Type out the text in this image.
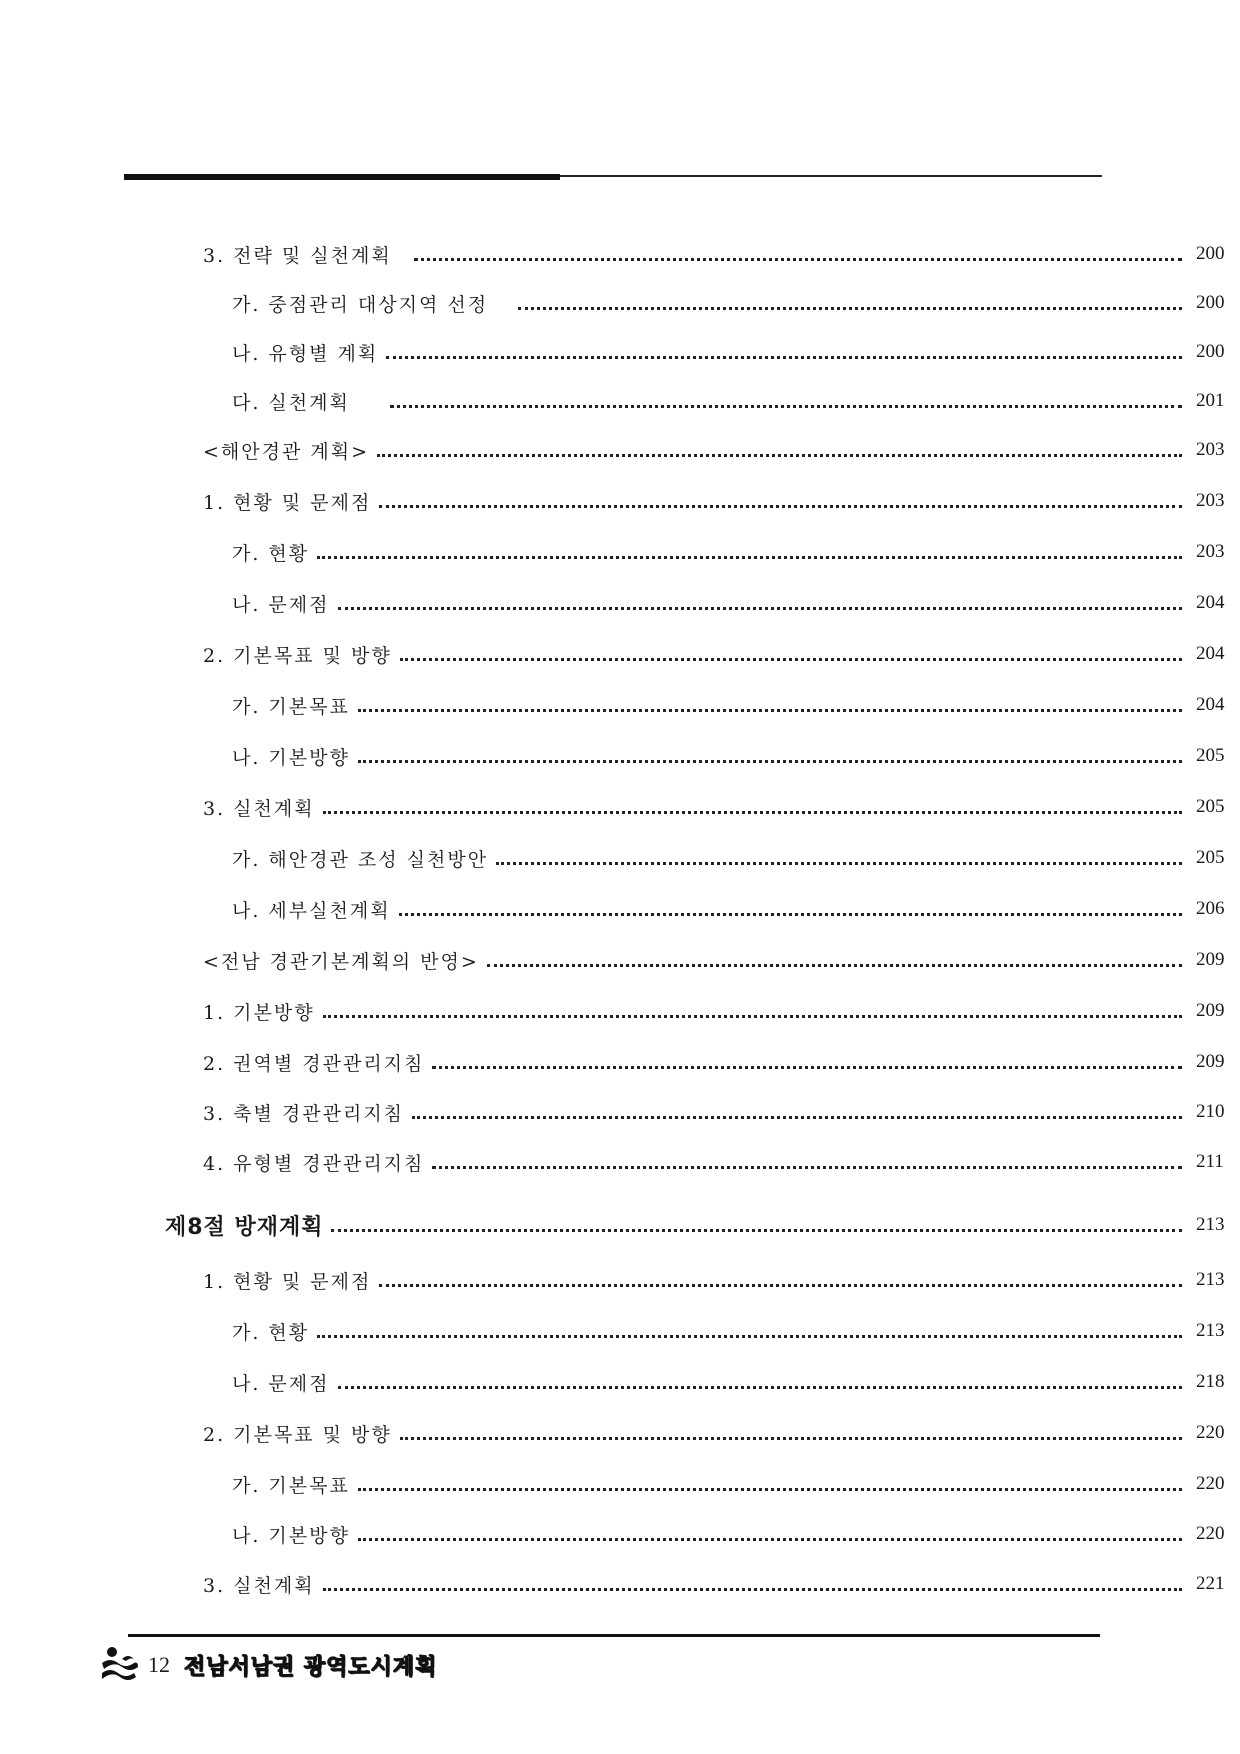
3. 전략 및 실천계획	200
가. 중점관리 대상지역 선정	200
나. 유형별 계획	200
다. 실천계획	201
<해안경관 계획>	203
1. 현황 및 문제점	203
가. 현황	203
나. 문제점	204
2. 기본목표 및 방향	204
가. 기본목표	204
나. 기본방향	205
3. 실천계획	205
가. 해안경관 조성 실천방안	205
나. 세부실천계획	206
<전남 경관기본계획의 반영>	209
1. 기본방향	209
2. 권역별 경관관리지침	209
3. 축별 경관관리지침	210
4. 유형별 경관관리지침	211
제8절 방재계획	213
1. 현황 및 문제점	213
가. 현황	213
나. 문제점	218
2. 기본목표 및 방향	220
가. 기본목표	220
나. 기본방향	220
3. 실천계획	221
12 전남서남권 광역도시계획
